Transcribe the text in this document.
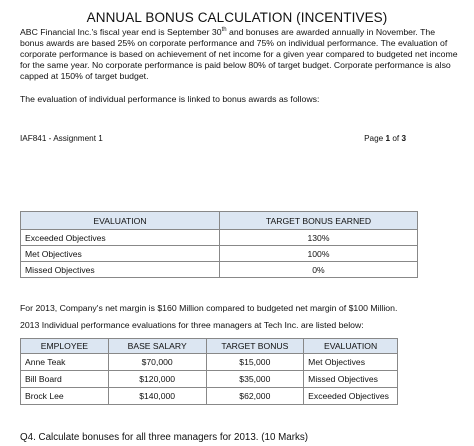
ANNUAL BONUS CALCULATION (INCENTIVES)

ABC Financial Inc.'s fiscal year end is September 30th and bonuses are awarded annually in November. The bonus awards are based 25% on corporate performance and 75% on individual performance. The evaluation of corporate performance is based on achievement of net income for a given year compared to budgeted net income for the same year. No corporate performance is paid below 80% of target budget. Corporate performance is also capped at 150% of target budget.

The evaluation of individual performance is linked to bonus awards as follows:
IAF841 - Assignment 1	Page 1 of 3
EVALUATION	TARGET BONUS EARNED
Exceeded Objectives	130%
Met Objectives	100%
Missed Objectives	0%
For 2013, Company's net margin is $160 Million compared to budgeted net margin of $100 Million.
2013 Individual performance evaluations for three managers at Tech Inc. are listed below:
EMPLOYEE	BASE SALARY	TARGET BONUS	EVALUATION
Anne Teak	$70,000	$15,000	Met Objectives
Bill Board	$120,000	$35,000	Missed Objectives
Brock Lee	$140,000	$62,000	Exceeded Objectives
Q4. Calculate bonuses for all three managers for 2013. (10 Marks)
